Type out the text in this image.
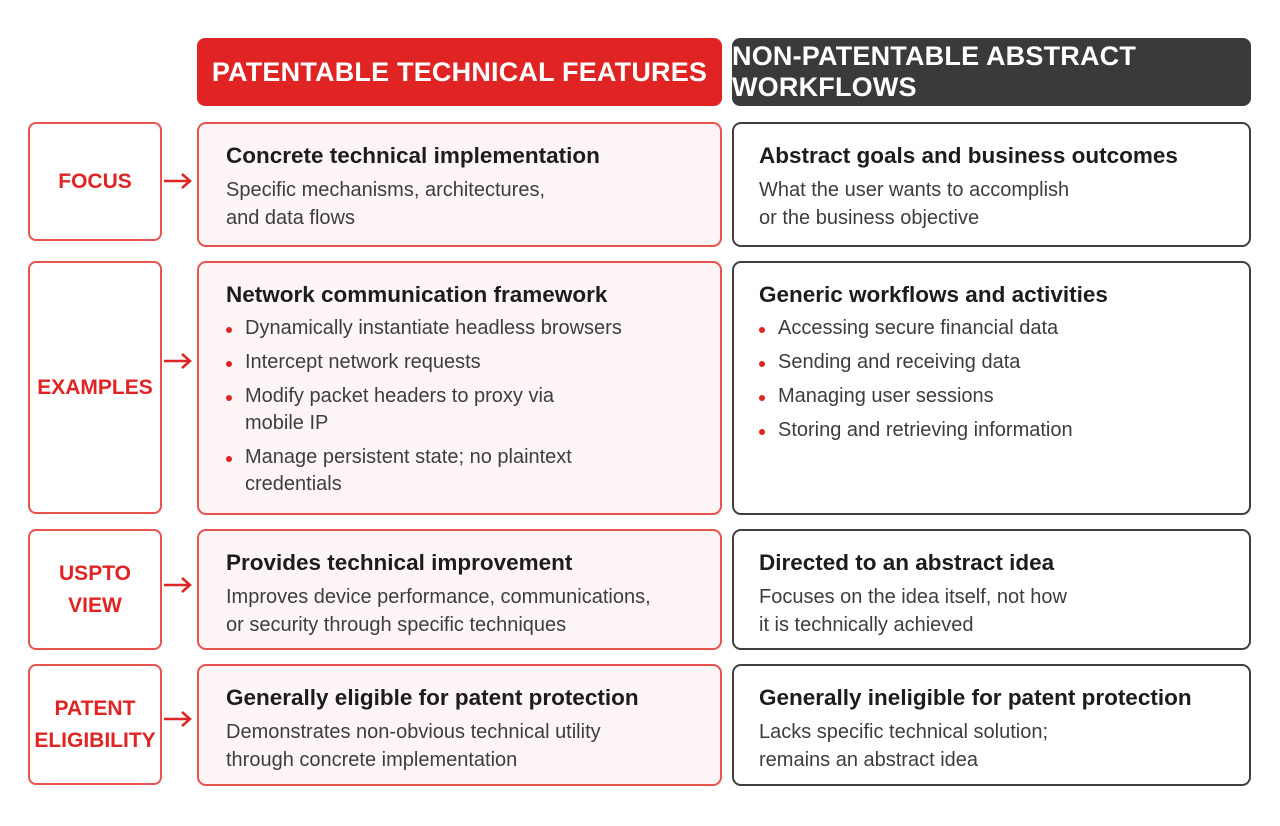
PATENTABLE TECHNICAL FEATURES
NON-PATENTABLE ABSTRACT WORKFLOWS
FOCUS
Concrete technical implementation

Specific mechanisms, architectures,
and data flows

Abstract goals and business outcomes

What the user wants to accomplish
or the business objective

EXAMPLES
Network communication framework
Dynamically instantiate headless browsers
Intercept network requests
Modify packet headers to proxy via
mobile IP
Manage persistent state; no plaintext
credentials
Generic workflows and activities
Accessing secure financial data
Sending and receiving data
Managing user sessions
Storing and retrieving information
USPTO VIEW
Provides technical improvement

Improves device performance, communications,
or security through specific techniques

Directed to an abstract idea

Focuses on the idea itself, not how
it is technically achieved

PATENT
ELIGIBILITY
Generally eligible for patent protection

Demonstrates non-obvious technical utility
through concrete implementation

Generally ineligible for patent protection

Lacks specific technical solution;
remains an abstract idea
